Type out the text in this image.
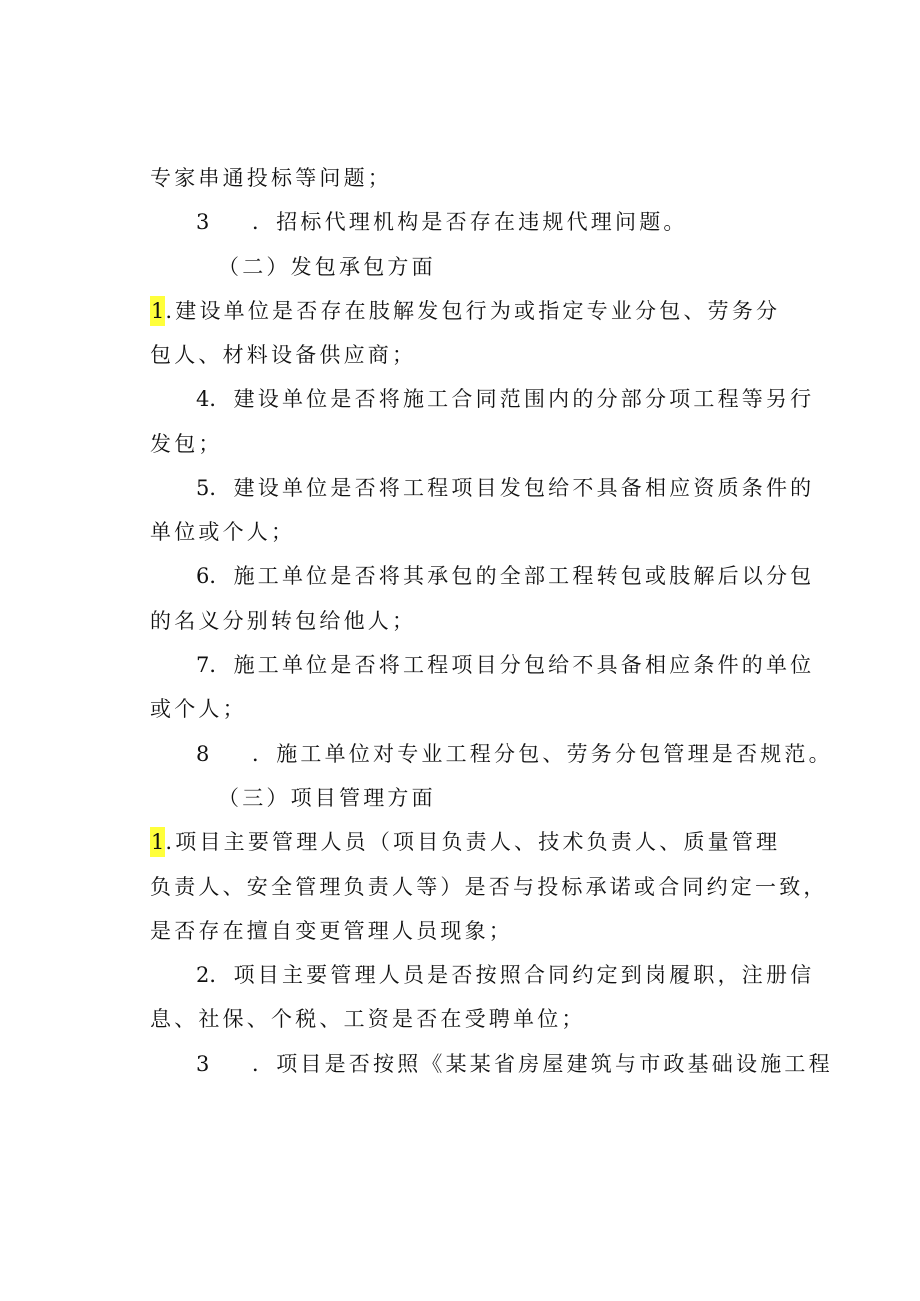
专家串通投标等问题；
3 ．招标代理机构是否存在违规代理问题。
（二）发包承包方面
1.建设单位是否存在肢解发包行为或指定专业分包、劳务分
包人、材料设备供应商；
4．建设单位是否将施工合同范围内的分部分项工程等另行
发包；
5．建设单位是否将工程项目发包给不具备相应资质条件的
单位或个人；
6．施工单位是否将其承包的全部工程转包或肢解后以分包
的名义分别转包给他人；
7．施工单位是否将工程项目分包给不具备相应条件的单位
或个人；
8 ．施工单位对专业工程分包、劳务分包管理是否规范。
（三）项目管理方面
1.项目主要管理人员（项目负责人、技术负责人、质量管理
负责人、安全管理负责人等）是否与投标承诺或合同约定一致，
是否存在擅自变更管理人员现象；
2．项目主要管理人员是否按照合同约定到岗履职，注册信
息、社保、个税、工资是否在受聘单位；
3 ．项目是否按照《某某省房屋建筑与市政基础设施工程
